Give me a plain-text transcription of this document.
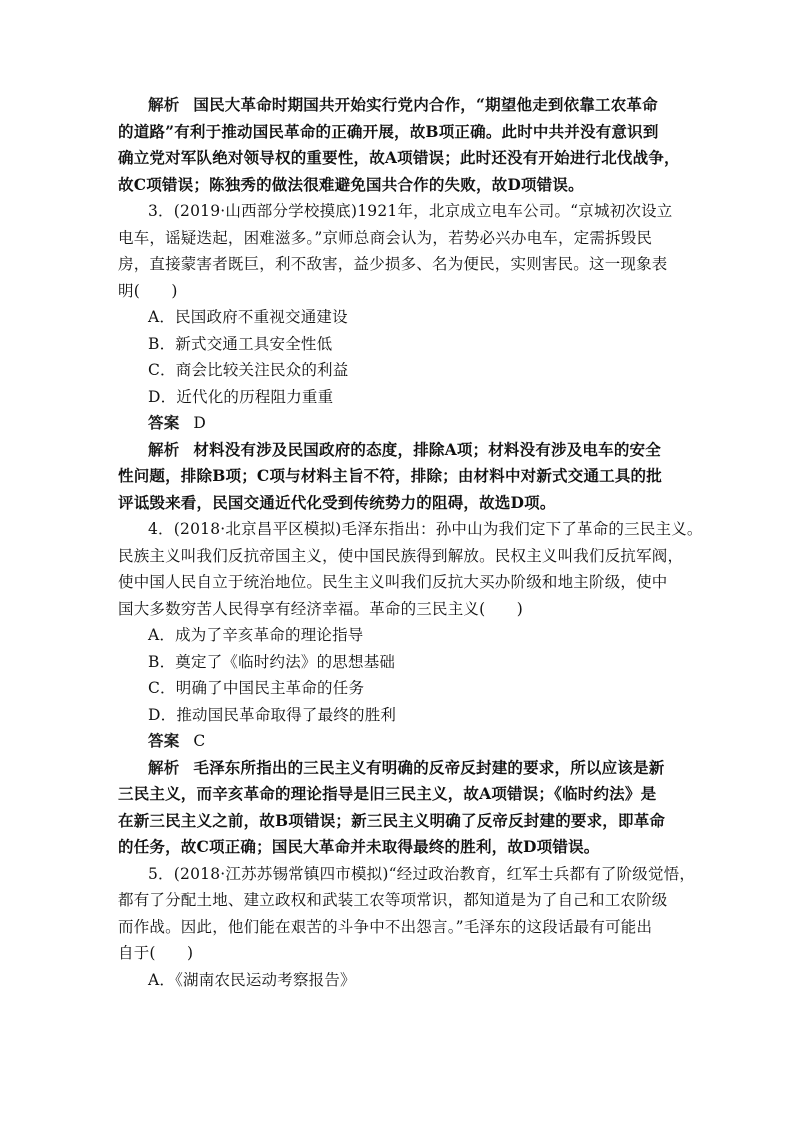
解析 国民大革命时期国共开始实行党内合作，“期望他走到依靠工农革命
的道路”有利于推动国民革命的正确开展，故B项正确。此时中共并没有意识到
确立党对军队绝对领导权的重要性，故A项错误；此时还没有开始进行北伐战争，
故C项错误；陈独秀的做法很难避免国共合作的失败，故D项错误。
3．(2019·山西部分学校摸底)1921年，北京成立电车公司。“京城初次设立
电车，谣疑迭起，困难滋多。”京师总商会认为，若势必兴办电车，定需拆毁民
房，直接蒙害者既巨，利不敌害，益少损多、名为便民，实则害民。这一现象表
明(　　)
A．民国政府不重视交通建设
B．新式交通工具安全性低
C．商会比较关注民众的利益
D．近代化的历程阻力重重
答案 D
解析 材料没有涉及民国政府的态度，排除A项；材料没有涉及电车的安全
性问题，排除B项；C项与材料主旨不符，排除；由材料中对新式交通工具的批
评诋毁来看，民国交通近代化受到传统势力的阻碍，故选D项。
4．(2018·北京昌平区模拟)毛泽东指出：孙中山为我们定下了革命的三民主义。
民族主义叫我们反抗帝国主义，使中国民族得到解放。民权主义叫我们反抗军阀，
使中国人民自立于统治地位。民生主义叫我们反抗大买办阶级和地主阶级，使中
国大多数穷苦人民得享有经济幸福。革命的三民主义(　　)
A．成为了辛亥革命的理论指导
B．奠定了《临时约法》的思想基础
C．明确了中国民主革命的任务
D．推动国民革命取得了最终的胜利
答案 C
解析 毛泽东所指出的三民主义有明确的反帝反封建的要求，所以应该是新
三民主义，而辛亥革命的理论指导是旧三民主义，故A项错误；《临时约法》是
在新三民主义之前，故B项错误；新三民主义明确了反帝反封建的要求，即革命
的任务，故C项正确；国民大革命并未取得最终的胜利，故D项错误。
5．(2018·江苏苏锡常镇四市模拟)“经过政治教育，红军士兵都有了阶级觉悟，
都有了分配土地、建立政权和武装工农等项常识，都知道是为了自己和工农阶级
而作战。因此，他们能在艰苦的斗争中不出怨言。”毛泽东的这段话最有可能出
自于(　　)
A．《湖南农民运动考察报告》
